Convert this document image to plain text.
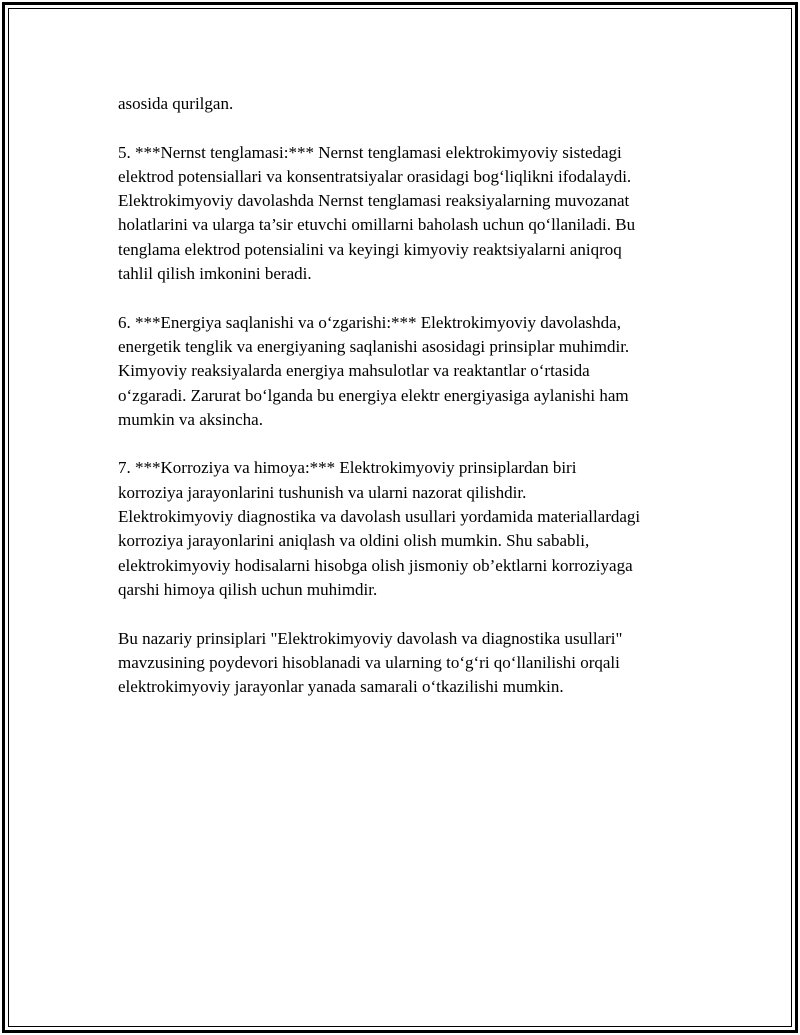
asosida qurilgan.

5. ***Nernst tenglamasi:*** Nernst tenglamasi elektrokimyoviy sistedagi
elektrod potensiallari va konsentratsiyalar orasidagi bog‘liqlikni ifodalaydi.
Elektrokimyoviy davolashda Nernst tenglamasi reaksiyalarning muvozanat
holatlarini va ularga ta’sir etuvchi omillarni baholash uchun qo‘llaniladi. Bu
tenglama elektrod potensialini va keyingi kimyoviy reaktsiyalarni aniqroq
tahlil qilish imkonini beradi.

6. ***Energiya saqlanishi va o‘zgarishi:*** Elektrokimyoviy davolashda,
energetik tenglik va energiyaning saqlanishi asosidagi prinsiplar muhimdir.
Kimyoviy reaksiyalarda energiya mahsulotlar va reaktantlar o‘rtasida
o‘zgaradi. Zarurat bo‘lganda bu energiya elektr energiyasiga aylanishi ham
mumkin va aksincha.

7. ***Korroziya va himoya:*** Elektrokimyoviy prinsiplardan biri
korroziya jarayonlarini tushunish va ularni nazorat qilishdir.
Elektrokimyoviy diagnostika va davolash usullari yordamida materiallardagi
korroziya jarayonlarini aniqlash va oldini olish mumkin. Shu sababli,
elektrokimyoviy hodisalarni hisobga olish jismoniy ob’ektlarni korroziyaga
qarshi himoya qilish uchun muhimdir.

Bu nazariy prinsiplari "Elektrokimyoviy davolash va diagnostika usullari"
mavzusining poydevori hisoblanadi va ularning to‘g‘ri qo‘llanilishi orqali
elektrokimyoviy jarayonlar yanada samarali o‘tkazilishi mumkin.
